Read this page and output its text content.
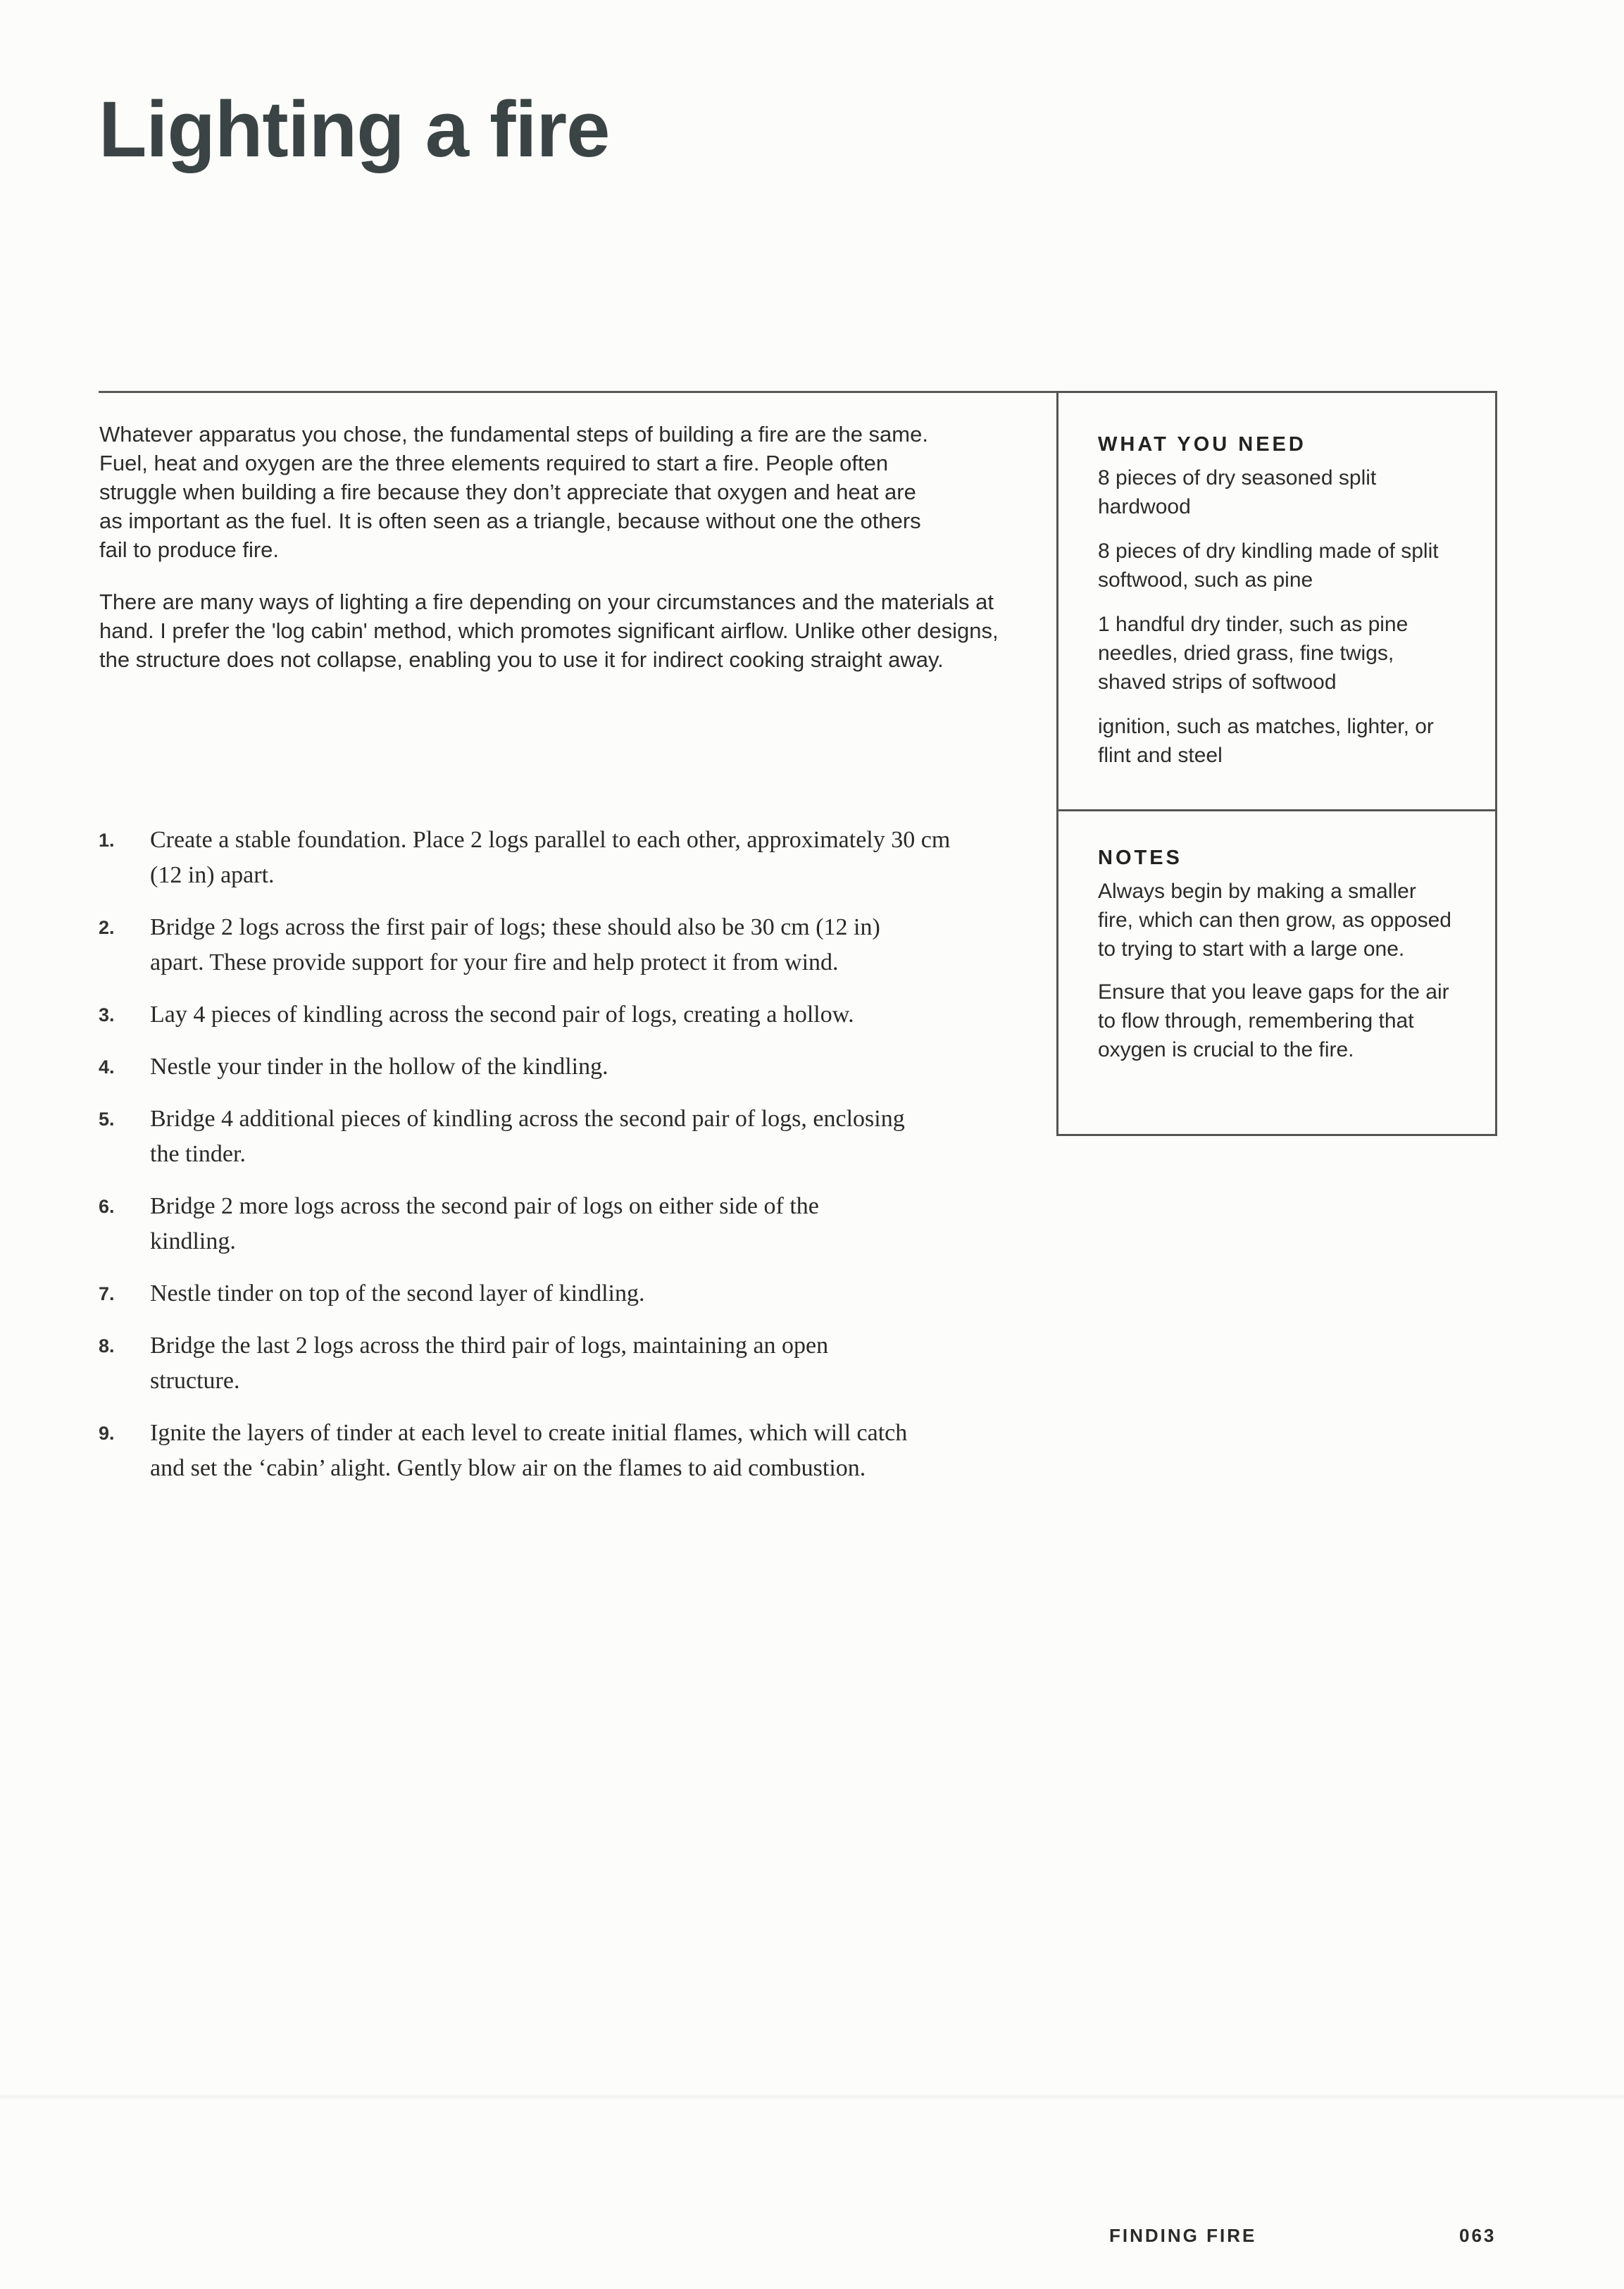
Lighting a fire

Whatever apparatus you chose, the fundamental steps of building a fire are the same. Fuel, heat and oxygen are the three elements required to start a fire. People often struggle when building a fire because they don’t appreciate that oxygen and heat are as important as the fuel. It is often seen as a triangle, because without one the others fail to produce fire.

There are many ways of lighting a fire depending on your circumstances and the materials at hand. I prefer the 'log cabin' method, which promotes significant airflow. Unlike other designs, the structure does not collapse, enabling you to use it for indirect cooking straight away.

1.	Create a stable foundation. Place 2 logs parallel to each other, approximately 30 cm (12 in) apart.
2.	Bridge 2 logs across the first pair of logs; these should also be 30 cm (12 in) apart. These provide support for your fire and help protect it from wind.
3.	Lay 4 pieces of kindling across the second pair of logs, creating a hollow.
4.	Nestle your tinder in the hollow of the kindling.
5.	Bridge 4 additional pieces of kindling across the second pair of logs, enclosing the tinder.
6.	Bridge 2 more logs across the second pair of logs on either side of the kindling.
7.	Nestle tinder on top of the second layer of kindling.
8.	Bridge the last 2 logs across the third pair of logs, maintaining an open structure.
9.	Ignite the layers of tinder at each level to create initial flames, which will catch and set the ‘cabin’ alight. Gently blow air on the flames to aid combustion.
WHAT YOU NEED

8 pieces of dry seasoned split hardwood

8 pieces of dry kindling made of split softwood, such as pine

1 handful dry tinder, such as pine needles, dried grass, fine twigs, shaved strips of softwood

ignition, such as matches, lighter, or flint and steel

NOTES

Always begin by making a smaller fire, which can then grow, as opposed to trying to start with a large one.

Ensure that you leave gaps for the air to flow through, remembering that oxygen is crucial to the fire.

FINDING FIRE	063
